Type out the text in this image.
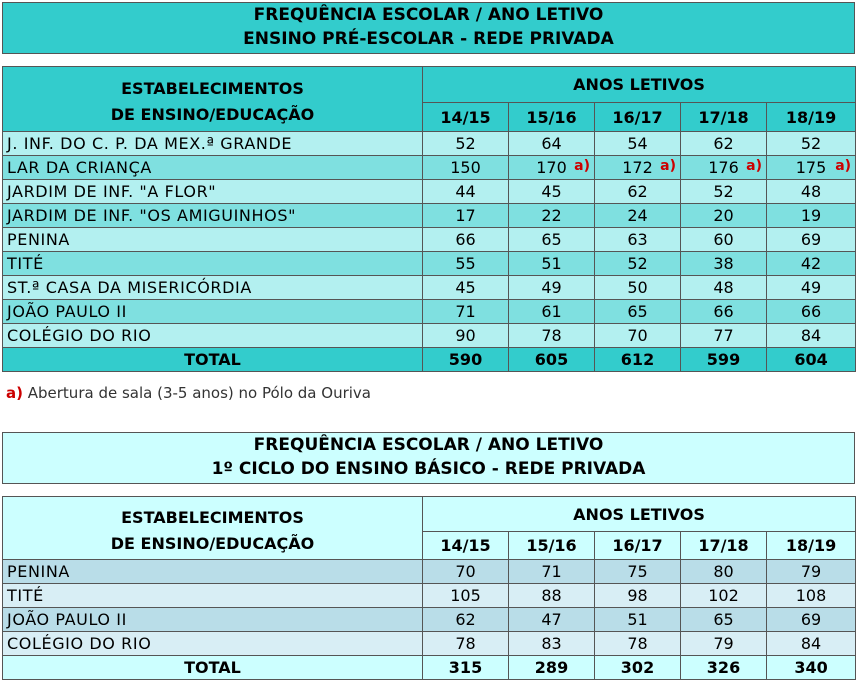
FREQUÊNCIA ESCOLAR / ANO LETIVO
ENSINO PRÉ-ESCOLAR - REDE PRIVADA
ESTABELECIMENTOS
DE ENSINO/EDUCAÇÃO	ANOS LETIVOS				
	14/15	15/16	16/17	17/18	18/19
J. INF. DO C. P. DA MEX.ª GRANDE	52	64	54	62	52

LAR DA CRIANÇA	150	170 a)	172 a)	176 a)	175 a)

JARDIM DE INF. "A FLOR"	44	45	62	52	48

JARDIM DE INF. "OS AMIGUINHOS"	17	22	24	20	19

PENINA	66	65	63	60	69

TITÉ	55	51	52	38	42

ST.ª CASA DA MISERICÓRDIA	45	49	50	48	49

JOÃO PAULO II	71	61	65	66	66

COLÉGIO DO RIO	90	78	70	77	84

TOTAL	590	605	612	599	604
a) Abertura de sala (3-5 anos) no Pólo da Ouriva
FREQUÊNCIA ESCOLAR / ANO LETIVO
1º CICLO DO ENSINO BÁSICO - REDE PRIVADA
ESTABELECIMENTOS
DE ENSINO/EDUCAÇÃO	ANOS LETIVOS				
	14/15	15/16	16/17	17/18	18/19
PENINA	70	71	75	80	79

TITÉ	105	88	98	102	108

JOÃO PAULO II	62	47	51	65	69

COLÉGIO DO RIO	78	83	78	79	84

TOTAL	315	289	302	326	340
